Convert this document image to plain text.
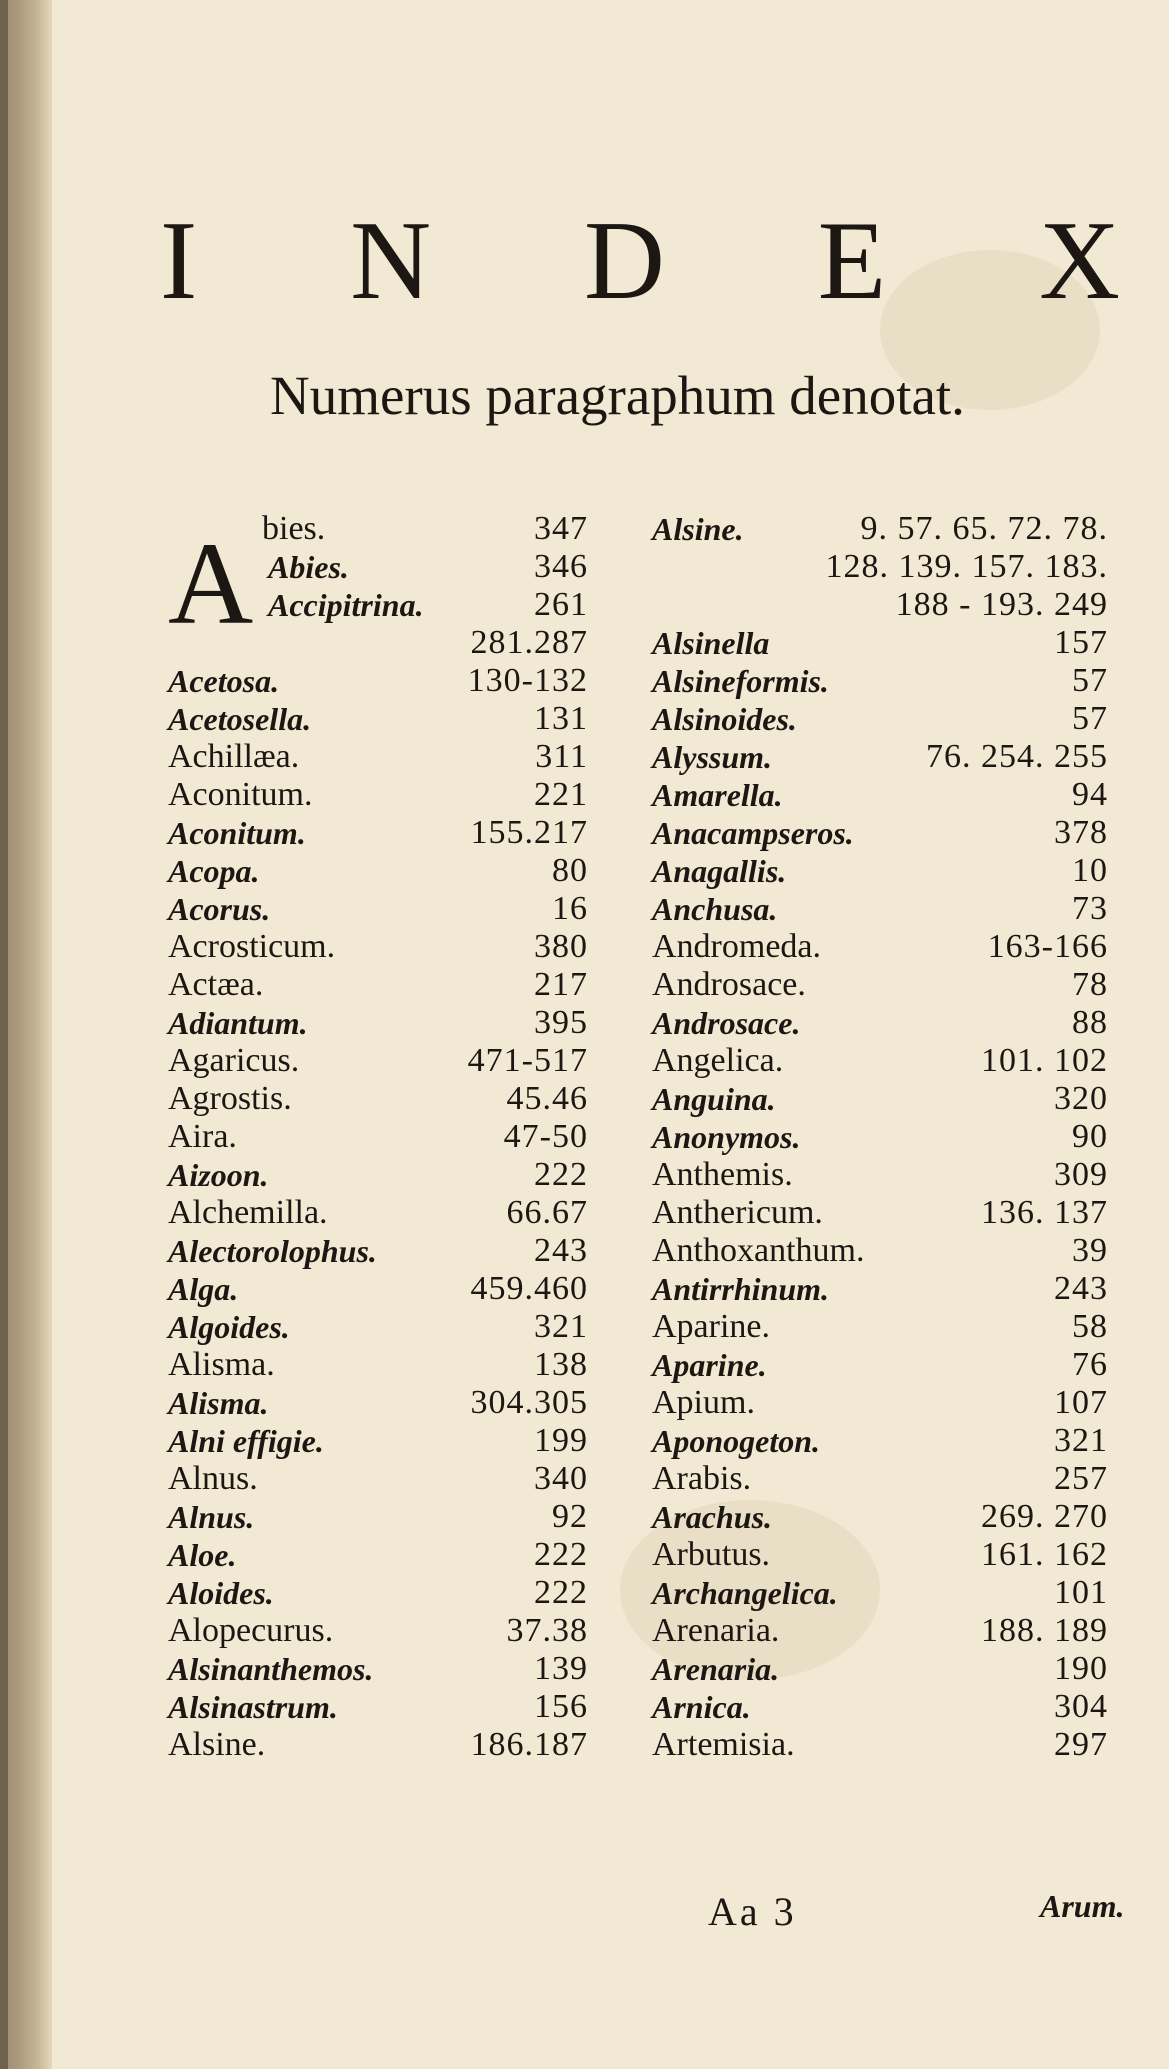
I N D E X
Numerus paragraphum denotat.
A bies.	347
Abies.	346
Accipitrina.	261
281.287
Acetosa.	130-132
Acetosella.	131
Achillæa.	311
Aconitum.	221
Aconitum.	155.217
Acopa.	80
Acorus.	16
Acrosticum.	380
Actæa.	217
Adiantum.	395
Agaricus.	471-517
Agrostis.	45.46
Aira.	47-50
Aizoon.	222
Alchemilla.	66.67
Alectorolophus.	243
Alga.	459.460
Algoides.	321
Alisma.	138
Alisma.	304.305
Alni effigie.	199
Alnus.	340
Alnus.	92
Aloe.	222
Aloides.	222
Alopecurus.	37.38
Alsinanthemos.	139
Alsinastrum.	156
Alsine.	186.187
Alsine.	9. 57. 65. 72. 78.
128. 139. 157. 183.
188 - 193. 249
Alsinella	157
Alsineformis.	57
Alsinoides.	57
Alyssum.	76. 254. 255
Amarella.	94
Anacampseros.	378
Anagallis.	10
Anchusa.	73
Andromeda.	163-166
Androsace.	78
Androsace.	88
Angelica.	101. 102
Anguina.	320
Anonymos.	90
Anthemis.	309
Anthericum.	136. 137
Anthoxanthum.	39
Antirrhinum.	243
Aparine.	58
Aparine.	76
Apium.	107
Aponogeton.	321
Arabis.	257
Arachus.	269. 270
Arbutus.	161. 162
Archangelica.	101
Arenaria.	188. 189
Arenaria.	190
Arnica.	304
Artemisia.	297
Aa 3	Arum.
